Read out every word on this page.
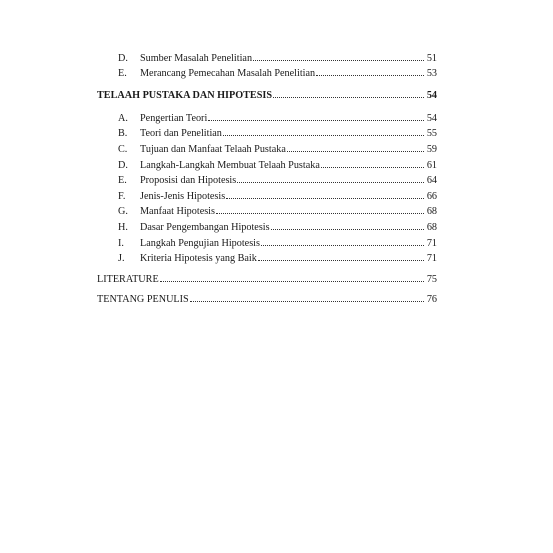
D.	Sumber Masalah Penelitian	51
E.	Merancang Pemecahan Masalah Penelitian	53
TELAAH PUSTAKA DAN HIPOTESIS	54
A.	Pengertian Teori	54
B.	Teori dan Penelitian	55
C.	Tujuan dan Manfaat Telaah Pustaka	59
D.	Langkah-Langkah Membuat Telaah Pustaka	61
E.	Proposisi dan Hipotesis	64
F.	Jenis-Jenis Hipotesis	66
G.	Manfaat Hipotesis	68
H.	Dasar Pengembangan Hipotesis	68
I.	Langkah Pengujian Hipotesis	71
J.	Kriteria Hipotesis yang Baik	71
LITERATURE	75
TENTANG PENULIS	76
